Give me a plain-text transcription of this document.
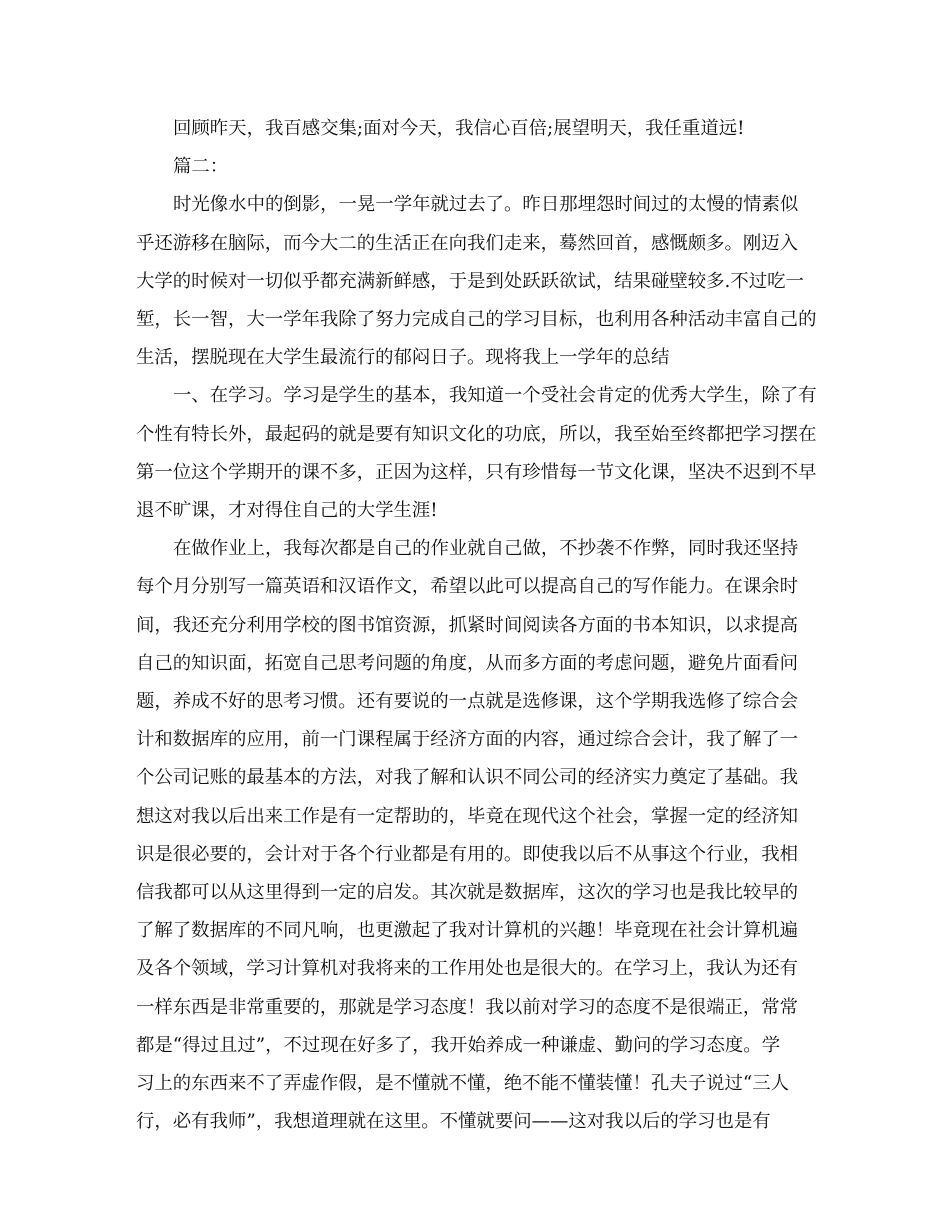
回顾昨天，我百感交集;面对今天，我信心百倍;展望明天，我任重道远!
篇二：
时光像水中的倒影，一晃一学年就过去了。昨日那埋怨时间过的太慢的情素似
乎还游移在脑际，而今大二的生活正在向我们走来，蓦然回首，感慨颇多。刚迈入
大学的时候对一切似乎都充满新鲜感，于是到处跃跃欲试，结果碰壁较多.不过吃一
堑，长一智，大一学年我除了努力完成自己的学习目标，也利用各种活动丰富自己的
生活，摆脱现在大学生最流行的郁闷日子。现将我上一学年的总结
一、在学习。学习是学生的基本，我知道一个受社会肯定的优秀大学生，除了有
个性有特长外，最起码的就是要有知识文化的功底，所以，我至始至终都把学习摆在
第一位这个学期开的课不多，正因为这样，只有珍惜每一节文化课，坚决不迟到不早
退不旷课，才对得住自己的大学生涯!
在做作业上，我每次都是自己的作业就自己做，不抄袭不作弊，同时我还坚持
每个月分别写一篇英语和汉语作文，希望以此可以提高自己的写作能力。在课余时
间，我还充分利用学校的图书馆资源，抓紧时间阅读各方面的书本知识，以求提高
自己的知识面，拓宽自己思考问题的角度，从而多方面的考虑问题，避免片面看问
题，养成不好的思考习惯。还有要说的一点就是选修课，这个学期我选修了综合会
计和数据库的应用，前一门课程属于经济方面的内容，通过综合会计，我了解了一
个公司记账的最基本的方法，对我了解和认识不同公司的经济实力奠定了基础。我
想这对我以后出来工作是有一定帮助的，毕竟在现代这个社会，掌握一定的经济知
识是很必要的，会计对于各个行业都是有用的。即使我以后不从事这个行业，我相
信我都可以从这里得到一定的启发。其次就是数据库，这次的学习也是我比较早的
了解了数据库的不同凡响，也更激起了我对计算机的兴趣！毕竟现在社会计算机遍
及各个领域，学习计算机对我将来的工作用处也是很大的。在学习上，我认为还有
一样东西是非常重要的，那就是学习态度！我以前对学习的态度不是很端正，常常
都是“得过且过”，不过现在好多了，我开始养成一种谦虚、勤问的学习态度。学
习上的东西来不了弄虚作假，是不懂就不懂，绝不能不懂装懂！孔夫子说过“三人
行，必有我师”，我想道理就在这里。不懂就要问——这对我以后的学习也是有
